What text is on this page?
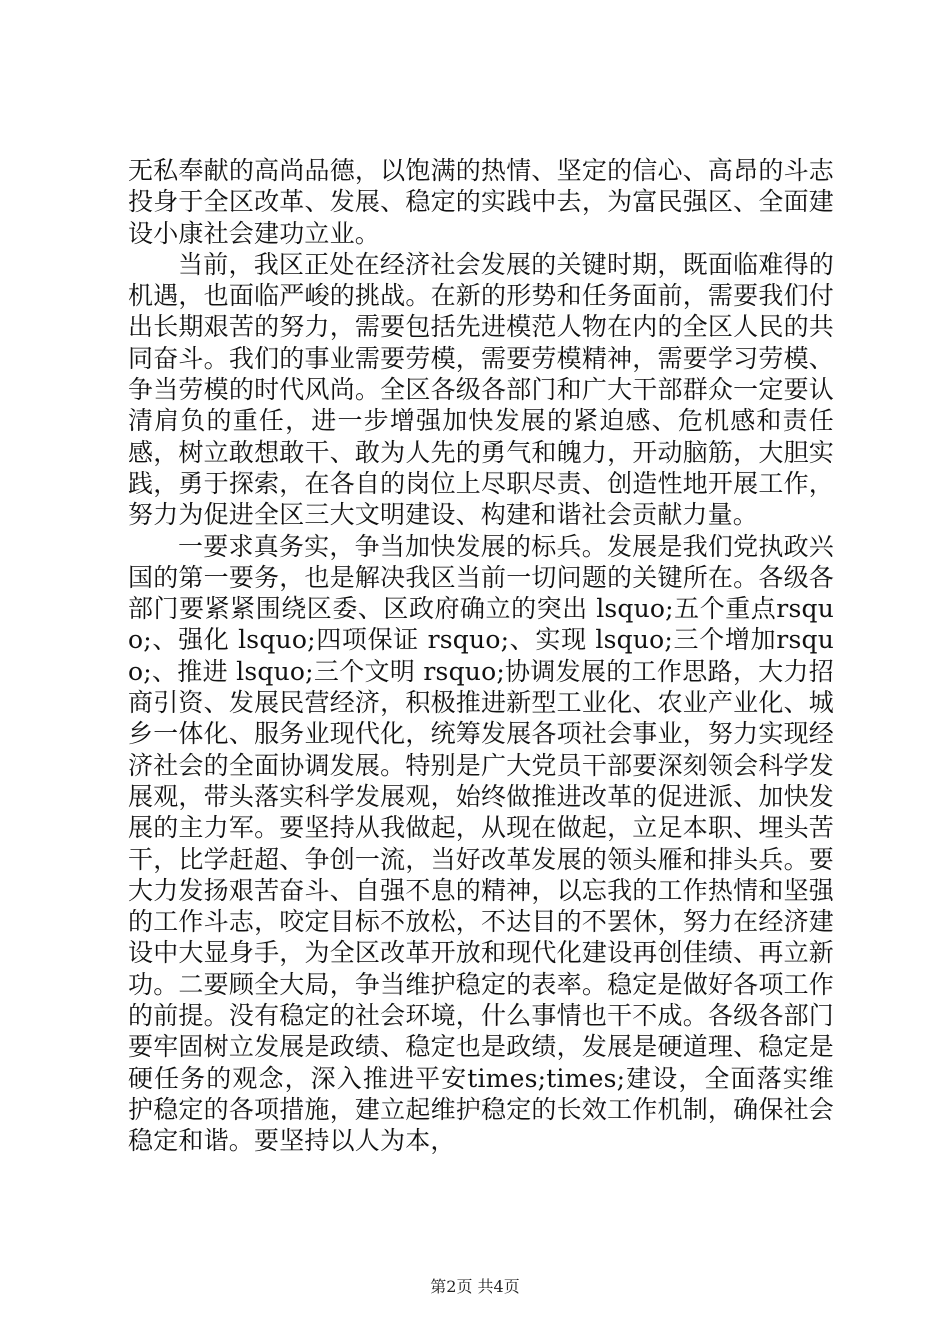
无私奉献的高尚品德，以饱满的热情、坚定的信心、高昂的斗志投身于全区改革、发展、稳定的实践中去，为富民强区、全面建设小康社会建功立业。

当前，我区正处在经济社会发展的关键时期，既面临难得的机遇，也面临严峻的挑战。在新的形势和任务面前，需要我们付出长期艰苦的努力，需要包括先进模范人物在内的全区人民的共同奋斗。我们的事业需要劳模，需要劳模精神，需要学习劳模、争当劳模的时代风尚。全区各级各部门和广大干部群众一定要认清肩负的重任，进一步增强加快发展的紧迫感、危机感和责任感，树立敢想敢干、敢为人先的勇气和魄力，开动脑筋，大胆实践，勇于探索，在各自的岗位上尽职尽责、创造性地开展工作，努力为促进全区三大文明建设、构建和谐社会贡献力量。

一要求真务实，争当加快发展的标兵。发展是我们党执政兴国的第一要务，也是解决我区当前一切问题的关键所在。各级各部门要紧紧围绕区委、区政府确立的突出 lsquo;五个重点rsquo;、强化 lsquo;四项保证 rsquo;、实现 lsquo;三个增加rsquo;、推进 lsquo;三个文明 rsquo;协调发展的工作思路，大力招商引资、发展民营经济，积极推进新型工业化、农业产业化、城乡一体化、服务业现代化，统筹发展各项社会事业，努力实现经济社会的全面协调发展。特别是广大党员干部要深刻领会科学发展观，带头落实科学发展观，始终做推进改革的促进派、加快发展的主力军。要坚持从我做起，从现在做起，立足本职、埋头苦干，比学赶超、争创一流，当好改革发展的领头雁和排头兵。要大力发扬艰苦奋斗、自强不息的精神，以忘我的工作热情和坚强的工作斗志，咬定目标不放松，不达目的不罢休，努力在经济建设中大显身手，为全区改革开放和现代化建设再创佳绩、再立新功。二要顾全大局，争当维护稳定的表率。稳定是做好各项工作的前提。没有稳定的社会环境，什么事情也干不成。各级各部门要牢固树立发展是政绩、稳定也是政绩，发展是硬道理、稳定是硬任务的观念，深入推进平安times;times;建设，全面落实维护稳定的各项措施，建立起维护稳定的长效工作机制，确保社会稳定和谐。要坚持以人为本，

第2页 共4页
